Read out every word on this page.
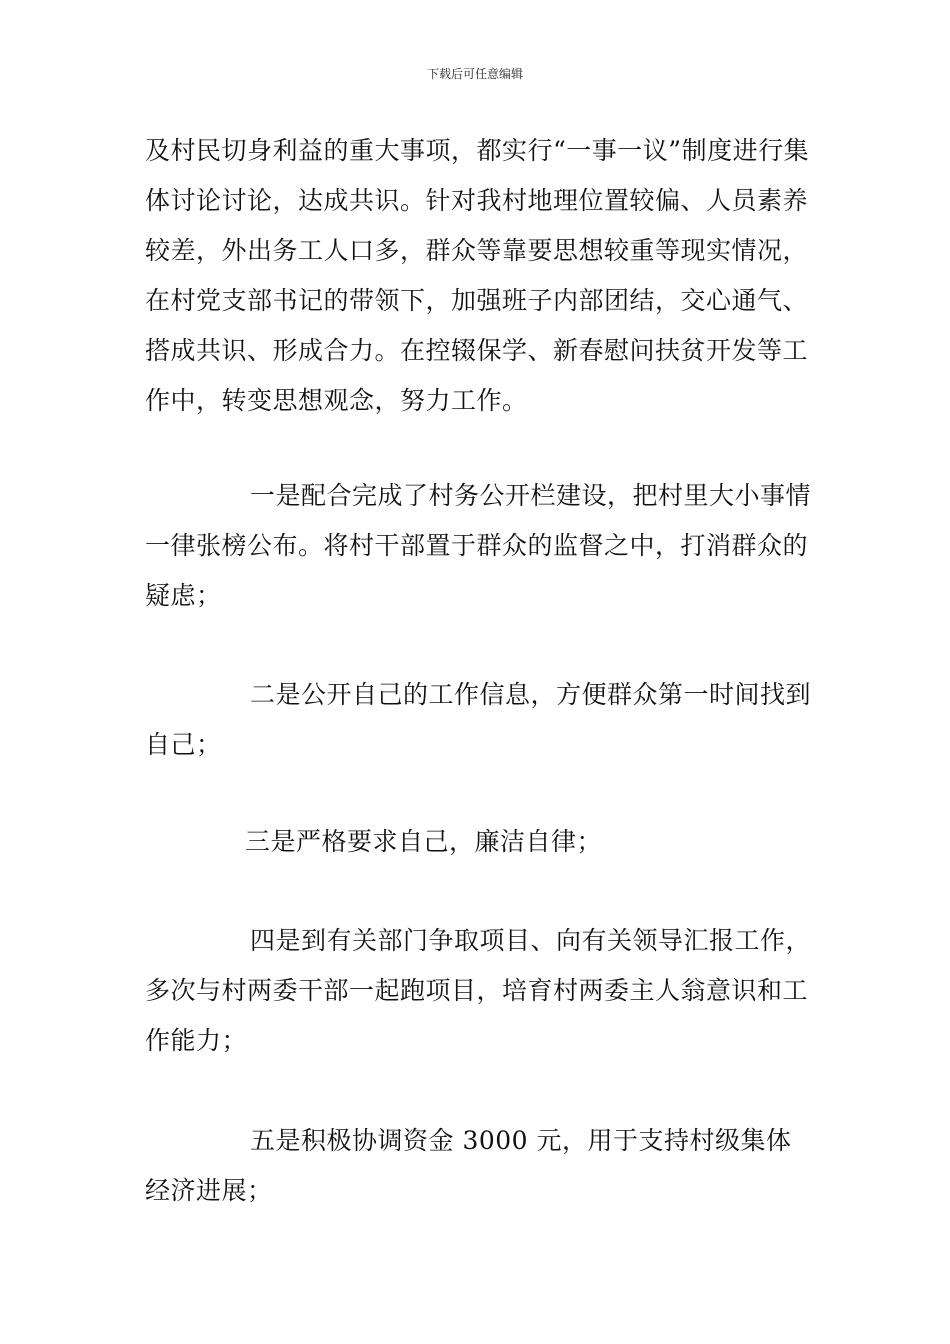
下载后可任意编辑

及村民切身利益的重大事项，都实行“一事一议”制度进行集体讨论讨论，达成共识。针对我村地理位置较偏、人员素养较差，外出务工人口多，群众等靠要思想较重等现实情况，在村党支部书记的带领下，加强班子内部团结，交心通气、搭成共识、形成合力。在控辍保学、新春慰问扶贫开发等工作中，转变思想观念，努力工作。

一是配合完成了村务公开栏建设，把村里大小事情一律张榜公布。将村干部置于群众的监督之中，打消群众的疑虑；

二是公开自己的工作信息，方便群众第一时间找到自己；

三是严格要求自己，廉洁自律；

四是到有关部门争取项目、向有关领导汇报工作，多次与村两委干部一起跑项目，培育村两委主人翁意识和工作能力；

五是积极协调资金 3000 元，用于支持村级集体经济进展；
